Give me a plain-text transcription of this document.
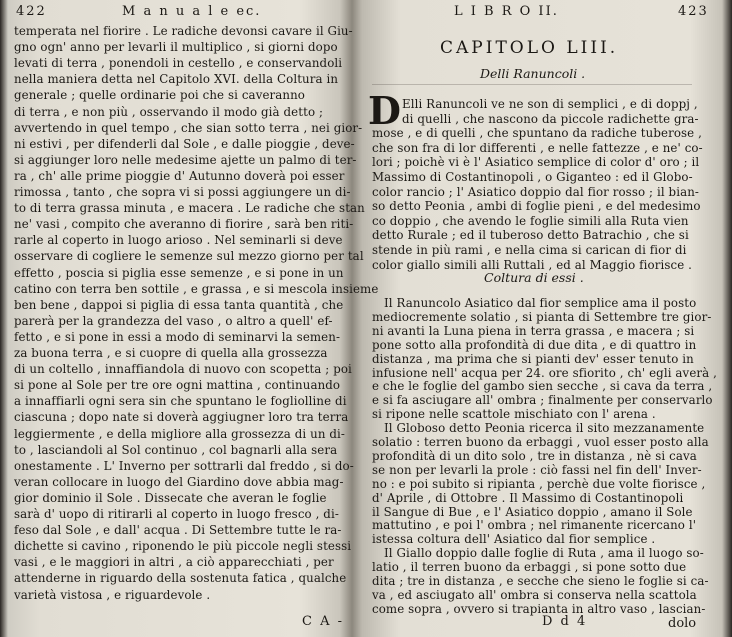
422	M a n u a l e ec.
temperata nel fiorire . Le radiche devonsi cavare il Giu-
gno ogn' anno per levarli il multiplico , si giorni dopo
levati di terra , ponendoli in cestello , e conservandoli
nella maniera detta nel Capitolo XVI. della Coltura in
generale ; quelle ordinarie poi che si caveranno
di terra , e non più , osservando il modo già detto ;
avvertendo in quel tempo , che sian sotto terra , nei gior-
ni estivi , per difenderli dal Sole , e dalle pioggie , deve-
si aggiunger loro nelle medesime ajette un palmo di ter-
ra , ch' alle prime pioggie d' Autunno doverà poi esser
rimossa , tanto , che sopra vi si possi aggiungere un di-
to di terra grassa minuta , e macera . Le radiche che stan
ne' vasi , compito che averanno di fiorire , sarà ben riti-
rarle al coperto in luogo arioso . Nel seminarli si deve
osservare di cogliere le semenze sul mezzo giorno per tal
effetto , poscia si piglia esse semenze , e si pone in un
catino con terra ben sottile , e grassa , e si mescola insieme
ben bene , dappoi si piglia di essa tanta quantità , che
parerà per la grandezza del vaso , o altro a quell' ef-
fetto , e si pone in essi a modo di seminarvi la semen-
za buona terra , e si cuopre di quella alla grossezza
di un coltello , innaffiandola di nuovo con scopetta ; poi
si pone al Sole per tre ore ogni mattina , continuando
a innaffiarli ogni sera sin che spuntano le fogliolline di
ciascuna ; dopo nate si doverà aggiugner loro tra terra
leggiermente , e della migliore alla grossezza di un di-
to , lasciandoli al Sol continuo , col bagnarli alla sera
onestamente . L' Inverno per sottrarli dal freddo , si do-
veran collocare in luogo del Giardino dove abbia mag-
gior dominio il Sole . Dissecate che averan le foglie
sarà d' uopo di ritirarli al coperto in luogo fresco , di-
feso dal Sole , e dall' acqua . Di Settembre tutte le ra-
dichette si cavino , riponendo le più piccole negli stessi
vasi , e le maggiori in altri , a ciò apparecchiati , per
attenderne in riguardo della sostenuta fatica , qualche
varietà vistosa , e riguardevole .
C A -
L I B R O II.	423
CAPITOLO LIII.
Delli Ranuncoli .
D Elli Ranuncoli ve ne son di semplici , e di doppj ,
di quelli , che nascono da piccole radichette gra-
mose , e di quelli , che spuntano da radiche tuberose ,
che son fra di lor differenti , e nelle fattezze , e ne' co-
lori ; poichè vi è l' Asiatico semplice di color d' oro ; il
Massimo di Costantinopoli , o Giganteo : ed il Globo-
color rancio ; l' Asiatico doppio dal fior rosso ; il bian-
so detto Peonia , ambi di foglie pieni , e del medesimo
co doppio , che avendo le foglie simili alla Ruta vien
detto Rurale ; ed il tuberoso detto Batrachio , che si
stende in più rami , e nella cima si carican di fior di
color giallo simili alli Ruttali , ed al Maggio fiorisce .
Coltura di essi .
Il Ranuncolo Asiatico dal fior semplice ama il posto
mediocremente solatio , si pianta di Settembre tre gior-
ni avanti la Luna piena in terra grassa , e macera ; si
pone sotto alla profondità di due dita , e di quattro in
distanza , ma prima che si pianti dev' esser tenuto in
infusione nell' acqua per 24. ore sfiorito , ch' egli averà ,
e che le foglie del gambo sien secche , si cava da terra ,
e si fa asciugare all' ombra ; finalmente per conservarlo
si ripone nelle scattole mischiato con l' arena .
Il Globoso detto Peonia ricerca il sito mezzanamente
solatio : terren buono da erbaggi , vuol esser posto alla
profondità di un dito solo , tre in distanza , nè si cava
se non per levarli la prole : ciò fassi nel fin dell' Inver-
no : e poi subito si ripianta , perchè due volte fiorisce ,
d' Aprile , di Ottobre . Il Massimo di Costantinopoli
il Sangue di Bue , e l' Asiatico doppio , amano il Sole
mattutino , e poi l' ombra ; nel rimanente ricercano l'
istessa coltura dell' Asiatico dal fior semplice .
Il Giallo doppio dalle foglie di Ruta , ama il luogo so-
latio , il terren buono da erbaggi , si pone sotto due
dita ; tre in distanza , e secche che sieno le foglie si ca-
va , ed asciugato all' ombra si conserva nella scattola
come sopra , ovvero si trapianta in altro vaso , lascian-
D d 4	dolo
